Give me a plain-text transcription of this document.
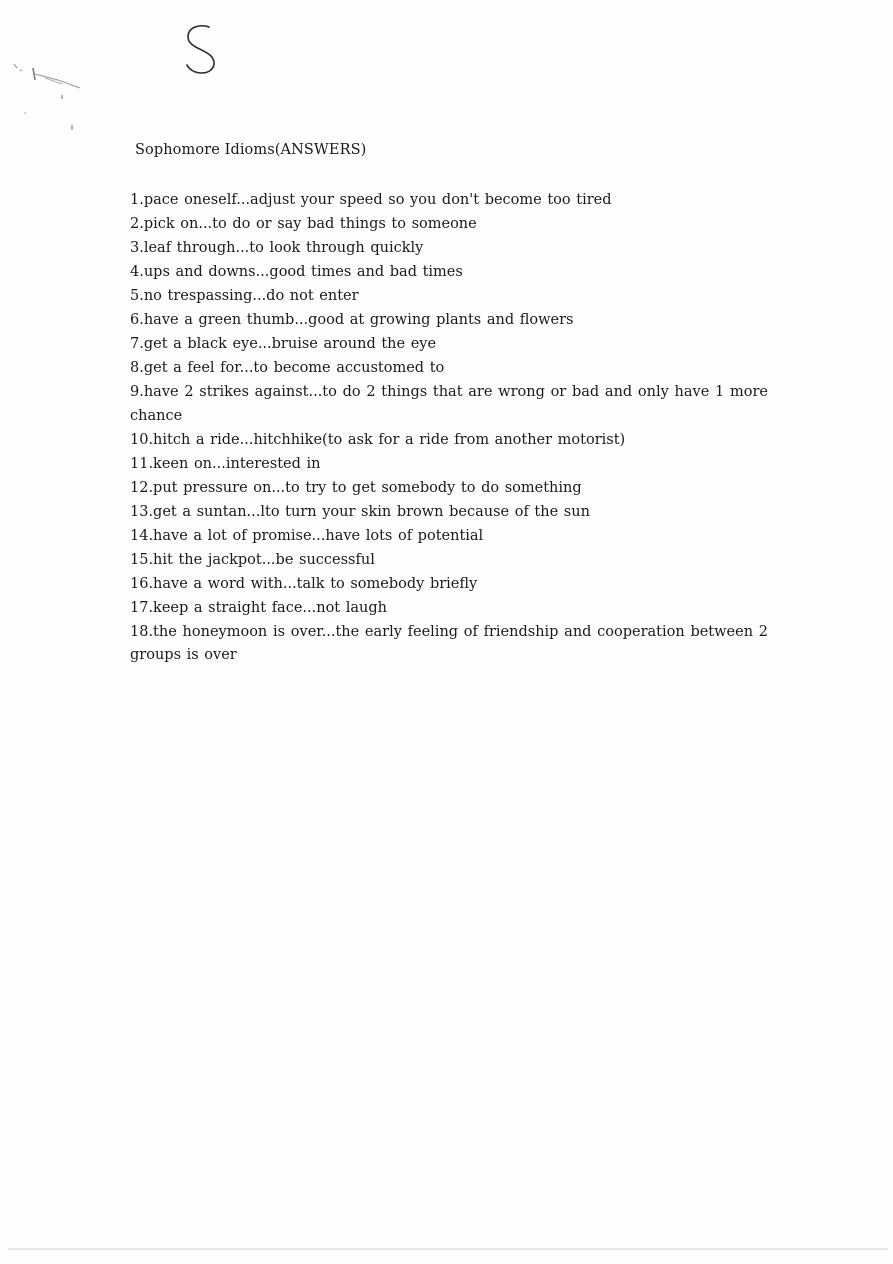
Sophomore Idioms(ANSWERS)
1.pace oneself...adjust your speed so you don't become too tired
2.pick on...to do or say bad things to someone
3.leaf through...to look through quickly
4.ups and downs...good times and bad times
5.no trespassing...do not enter
6.have a green thumb...good at growing plants and flowers
7.get a black eye...bruise around the eye
8.get a feel for...to become accustomed to
9.have 2 strikes against...to do 2 things that are wrong or bad and only have 1 more chance
10.hitch a ride...hitchhike(to ask for a ride from another motorist)
11.keen on...interested in
12.put pressure on...to try to get somebody to do something
13.get a suntan...lto turn your skin brown because of the sun
14.have a lot of promise...have lots of potential
15.hit the jackpot...be successful
16.have a word with...talk to somebody briefly
17.keep a straight face...not laugh
18.the honeymoon is over...the early feeling of friendship and cooperation between 2 groups is over
